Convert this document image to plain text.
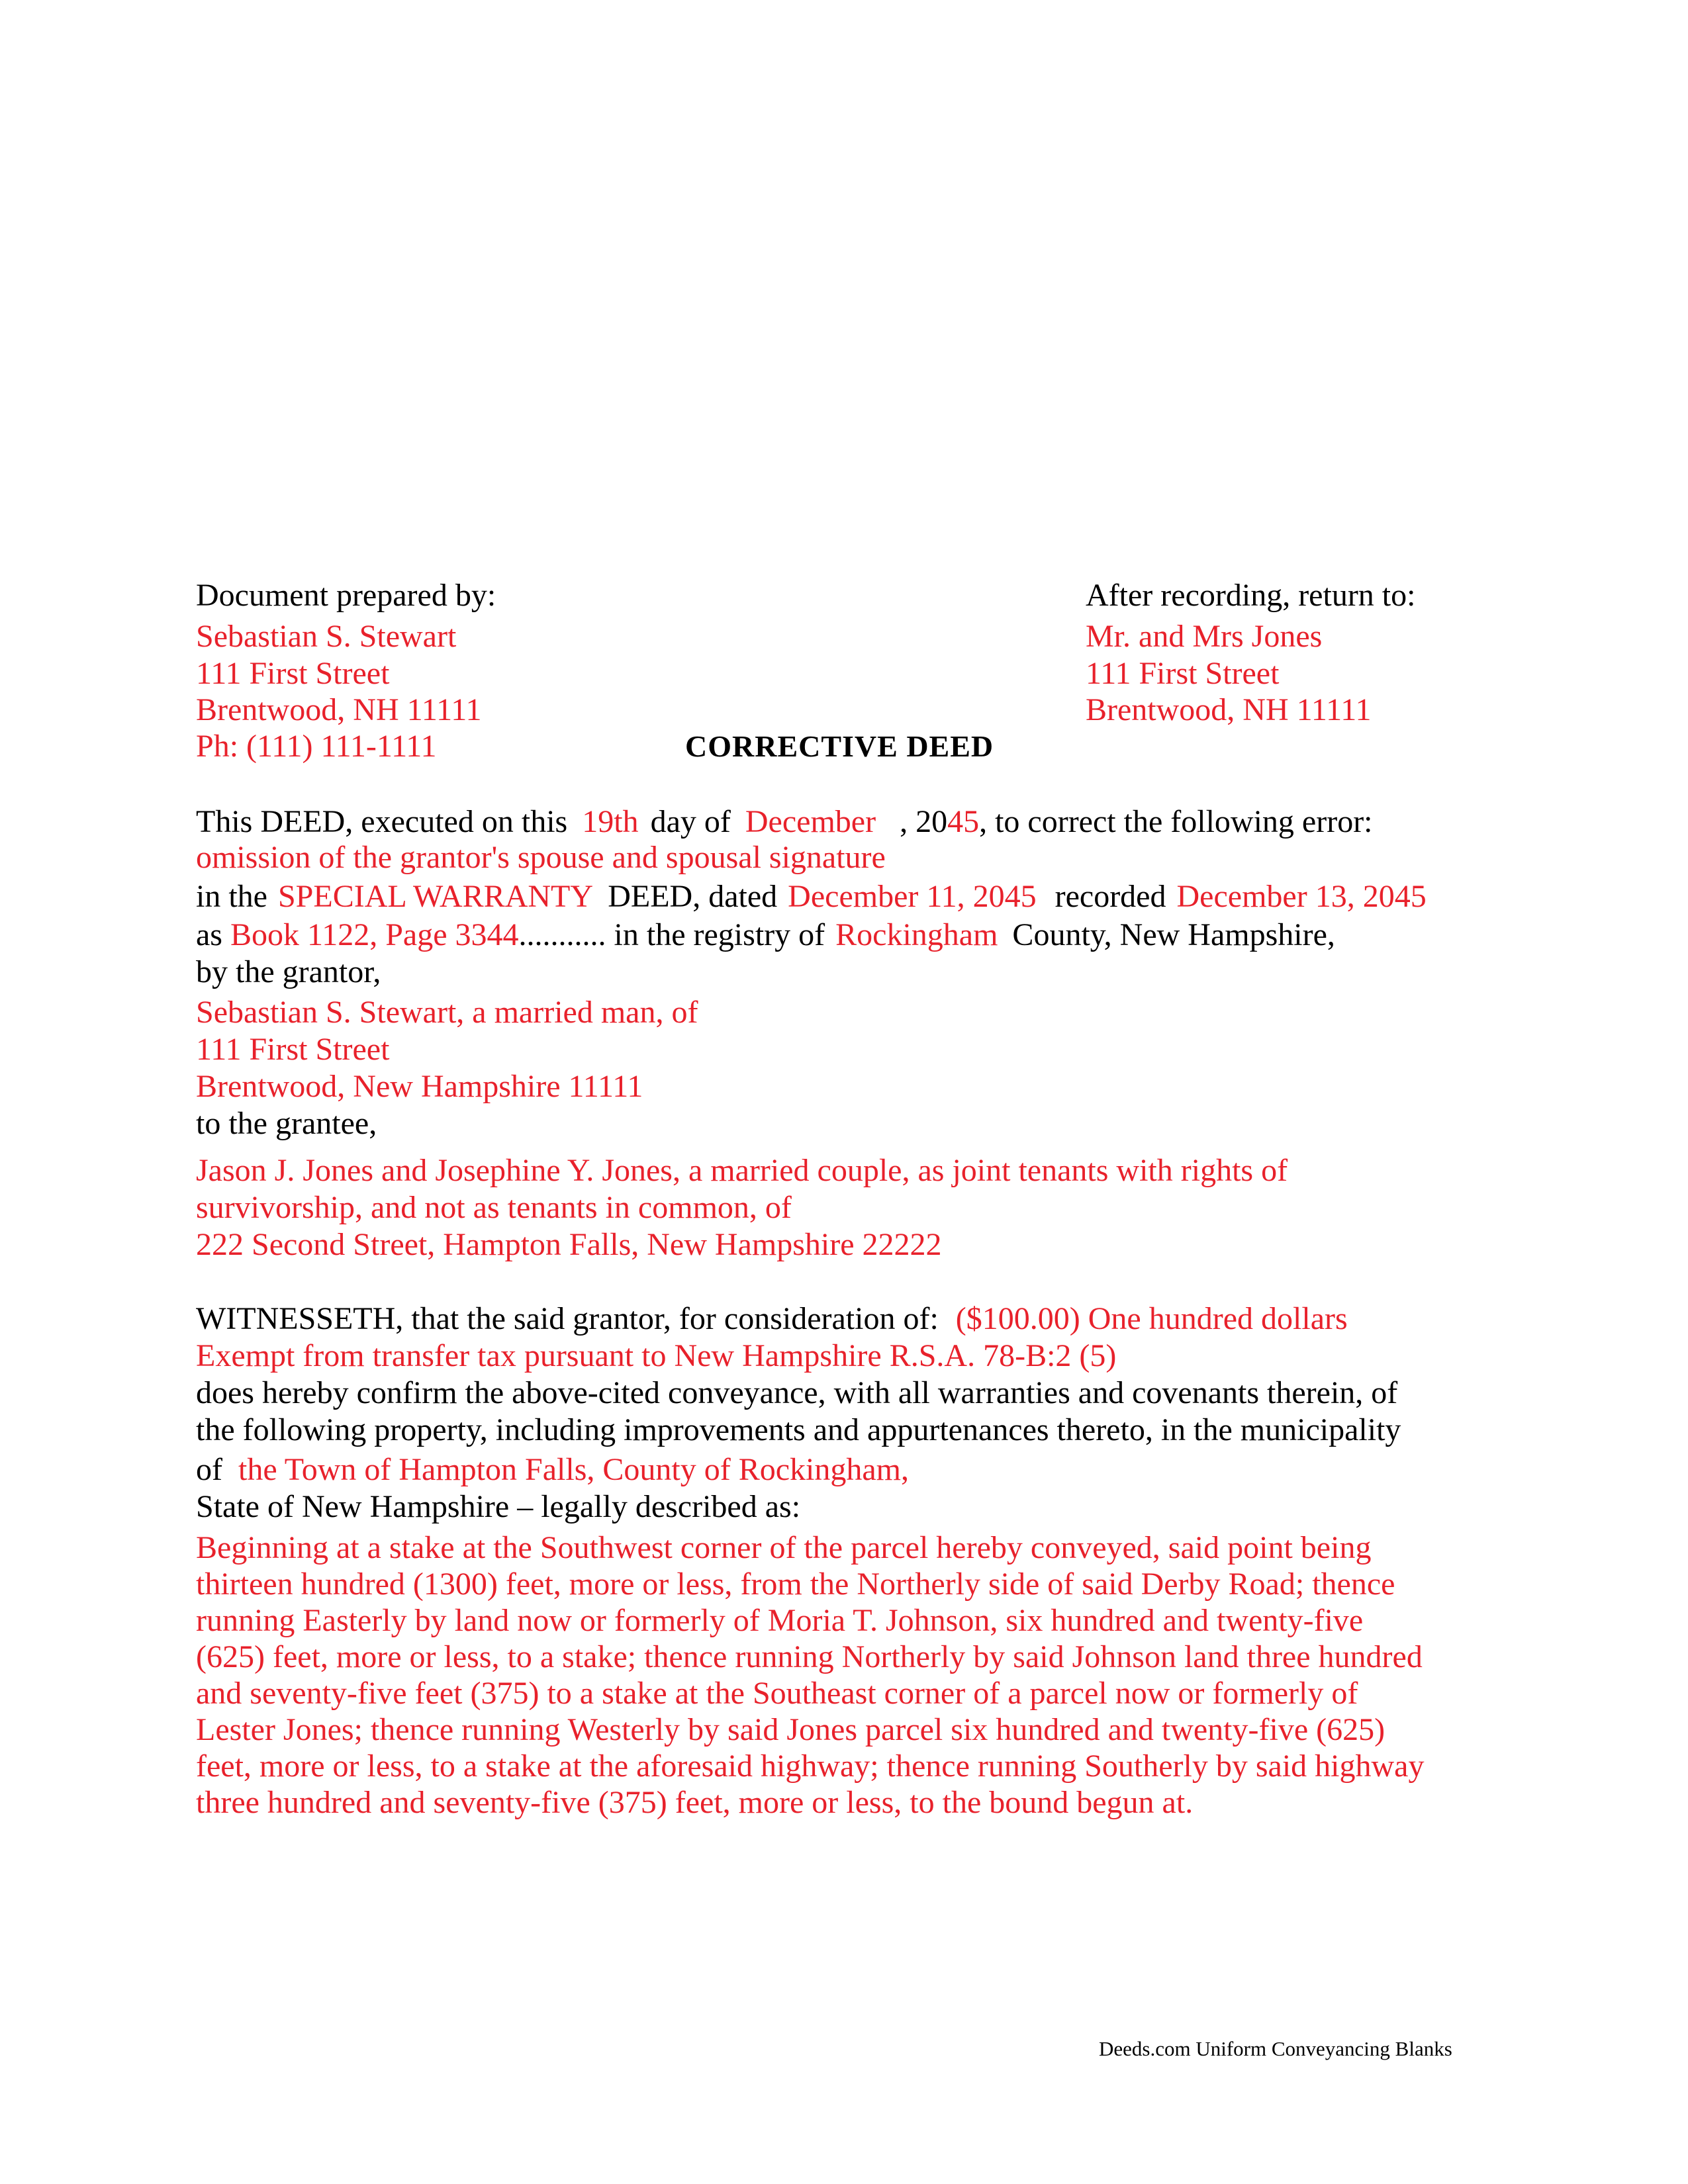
Document prepared by:
Sebastian S. Stewart
111 First Street
Brentwood, NH 11111
Ph: (111) 111-1111
After recording, return to:
Mr. and Mrs Jones
111 First Street
Brentwood, NH 11111
CORRECTIVE DEED
This DEED, executed on this 19th day of December , 2045, to correct the following error:
omission of the grantor's spouse and spousal signature
in the SPECIAL WARRANTY DEED, dated December 11, 2045 recorded December 13, 2045
as Book 1122, Page 3344........... in the registry of Rockingham County, New Hampshire,
by the grantor,
Sebastian S. Stewart, a married man, of
111 First Street
Brentwood, New Hampshire 11111
to the grantee,
Jason J. Jones and Josephine Y. Jones, a married couple, as joint tenants with rights of
survivorship, and not as tenants in common, of
222 Second Street, Hampton Falls, New Hampshire 22222
WITNESSETH, that the said grantor, for consideration of: ($100.00) One hundred dollars
Exempt from transfer tax pursuant to New Hampshire R.S.A. 78-B:2 (5)
does hereby confirm the above-cited conveyance, with all warranties and covenants therein, of
the following property, including improvements and appurtenances thereto, in the municipality
of the Town of Hampton Falls, County of Rockingham,
State of New Hampshire – legally described as:
Beginning at a stake at the Southwest corner of the parcel hereby conveyed, said point being
thirteen hundred (1300) feet, more or less, from the Northerly side of said Derby Road; thence
running Easterly by land now or formerly of Moria T. Johnson, six hundred and twenty-five
(625) feet, more or less, to a stake; thence running Northerly by said Johnson land three hundred
and seventy-five feet (375) to a stake at the Southeast corner of a parcel now or formerly of
Lester Jones; thence running Westerly by said Jones parcel six hundred and twenty-five (625)
feet, more or less, to a stake at the aforesaid highway; thence running Southerly by said highway
three hundred and seventy-five (375) feet, more or less, to the bound begun at.
Deeds.com Uniform Conveyancing Blanks
